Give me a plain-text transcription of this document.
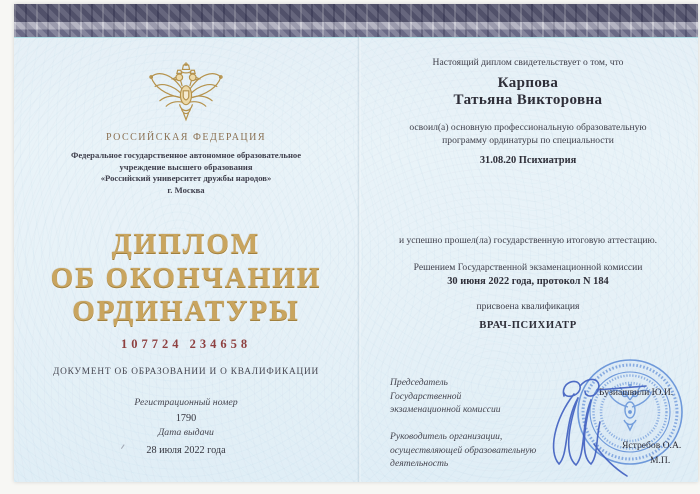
РОССИЙСКАЯ ФЕДЕРАЦИЯ
Федеральное государственное автономное образовательное
учреждение высшего образования
«Российский университет дружбы народов»
г. Москва
ДИПЛОМ
ОБ ОКОНЧАНИИ
ОРДИНАТУРЫ
107724 234658
ДОКУМЕНТ ОБ ОБРАЗОВАНИИ И О КВАЛИФИКАЦИИ
Регистрационный номер
1790
Дата выдачи
28 июля 2022 года
Настоящий диплом свидетельствует о том, что
Карпова
Татьяна Викторовна
освоил(а) основную профессиональную образовательную
программу ординатуры по специальности
31.08.20 Психиатрия
и успешно прошел(ла) государственную итоговую аттестацию.
Решением Государственной экзаменационной комиссии
30 июня 2022 года, протокол N 184
присвоена квалификация
ВРАЧ-ПСИХИАТР
Председатель
Государственной
экзаменационной комиссии
Руководитель организации,
осуществляющей образовательную
деятельность
Бузиашвили Ю.И.
Ястребов О.А.
М.П.
